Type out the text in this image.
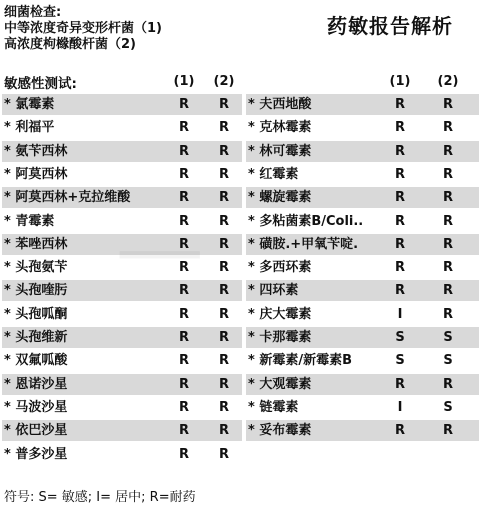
细菌检查:
中等浓度奇异变形杆菌（1)
高浓度枸橼酸杆菌（2)
药敏报告解析
敏感性测试:	(1) (2)	(1) (2)
* 氯霉素	R	R	* 夫西地酸	R	R
* 利福平	R	R	* 克林霉素	R	R
* 氨苄西林	R	R	* 林可霉素	R	R
* 阿莫西林	R	R	* 红霉素	R	R
* 阿莫西林+克拉维酸	R	R	* 螺旋霉素	R	R
* 青霉素	R	R	* 多粘菌素B/Coli..	R	R
* 苯唑西林	R	R	* 磺胺.+甲氧苄啶.	R	R
* 头孢氨苄	R	R	* 多西环素	R	R
* 头孢喹肟	R	R	* 四环素	R	R
* 头孢呱酮	R	R	* 庆大霉素	I	R
* 头孢维新	R	R	* 卡那霉素	S	S
* 双氟呱酸	R	R	* 新霉素/新霉素B	S	S
* 恩诺沙星	R	R	* 大观霉素	R	R
* 马波沙星	R	R	* 链霉素	I	S
* 依巴沙星	R	R	* 妥布霉素	R	R
* 普多沙星	R	R
符号: S= 敏感; I= 居中; R=耐药
